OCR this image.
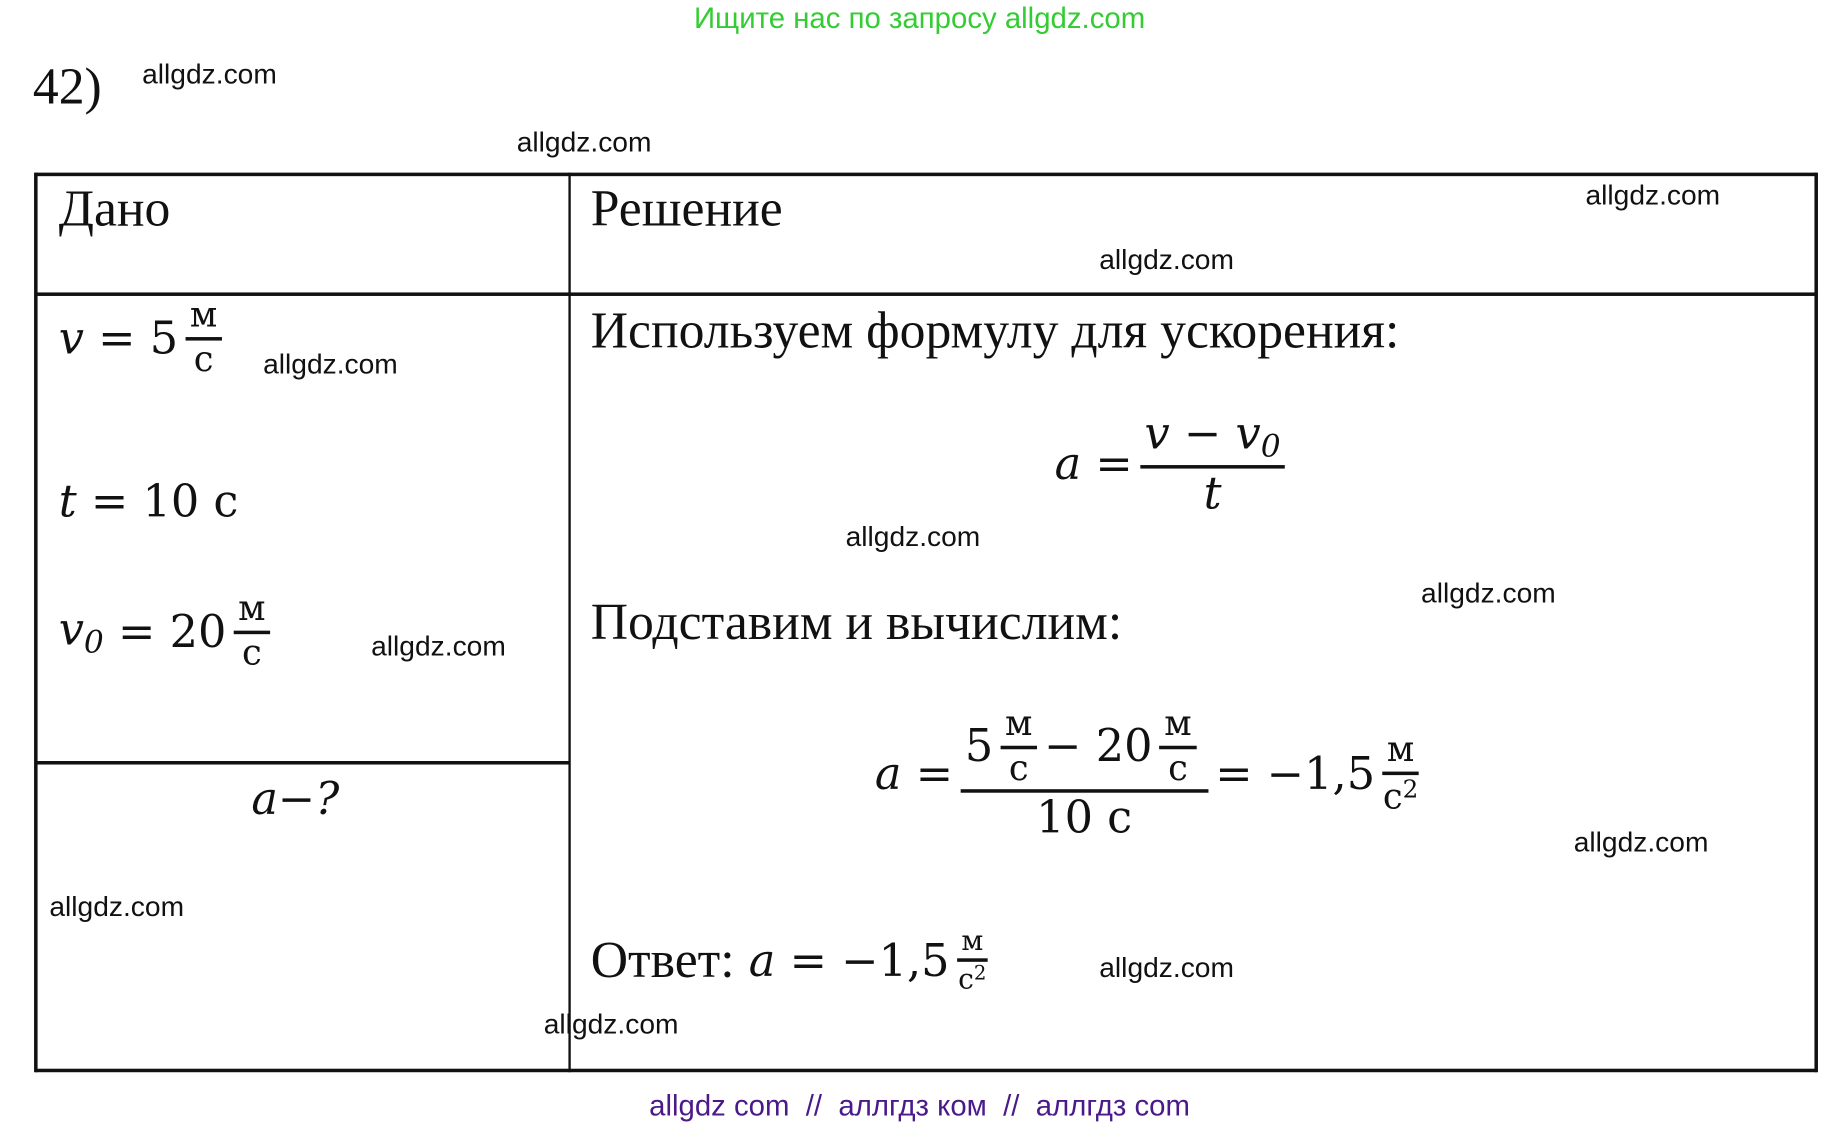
Ищите нас по запросу allgdz.com
42)
Дано	Решение
v
= $5 \frac{м}{с}$
t
= 10 с
$v_0$
= $20 \frac{м}{с}$
a−?
Используем формулу для ускорения:
$a = \frac{v - v_0}{t}$
Подставим и вычислим:
$a = \frac{5 \frac{м}{с} - 20 \frac{м}{с}}{10 с} = -1,5 \frac{м}{с^2}$
Ответ:
a
= $-1,5 \frac{м}{с^2}$
allgdz.com
allgdz.com
allgdz.com
allgdz.com
allgdz.com
allgdz.com
allgdz.com
allgdz.com
allgdz.com
allgdz.com
allgdz.com
allgdz.com
allgdz com  //  аллгдз ком  //  аллгдз com
